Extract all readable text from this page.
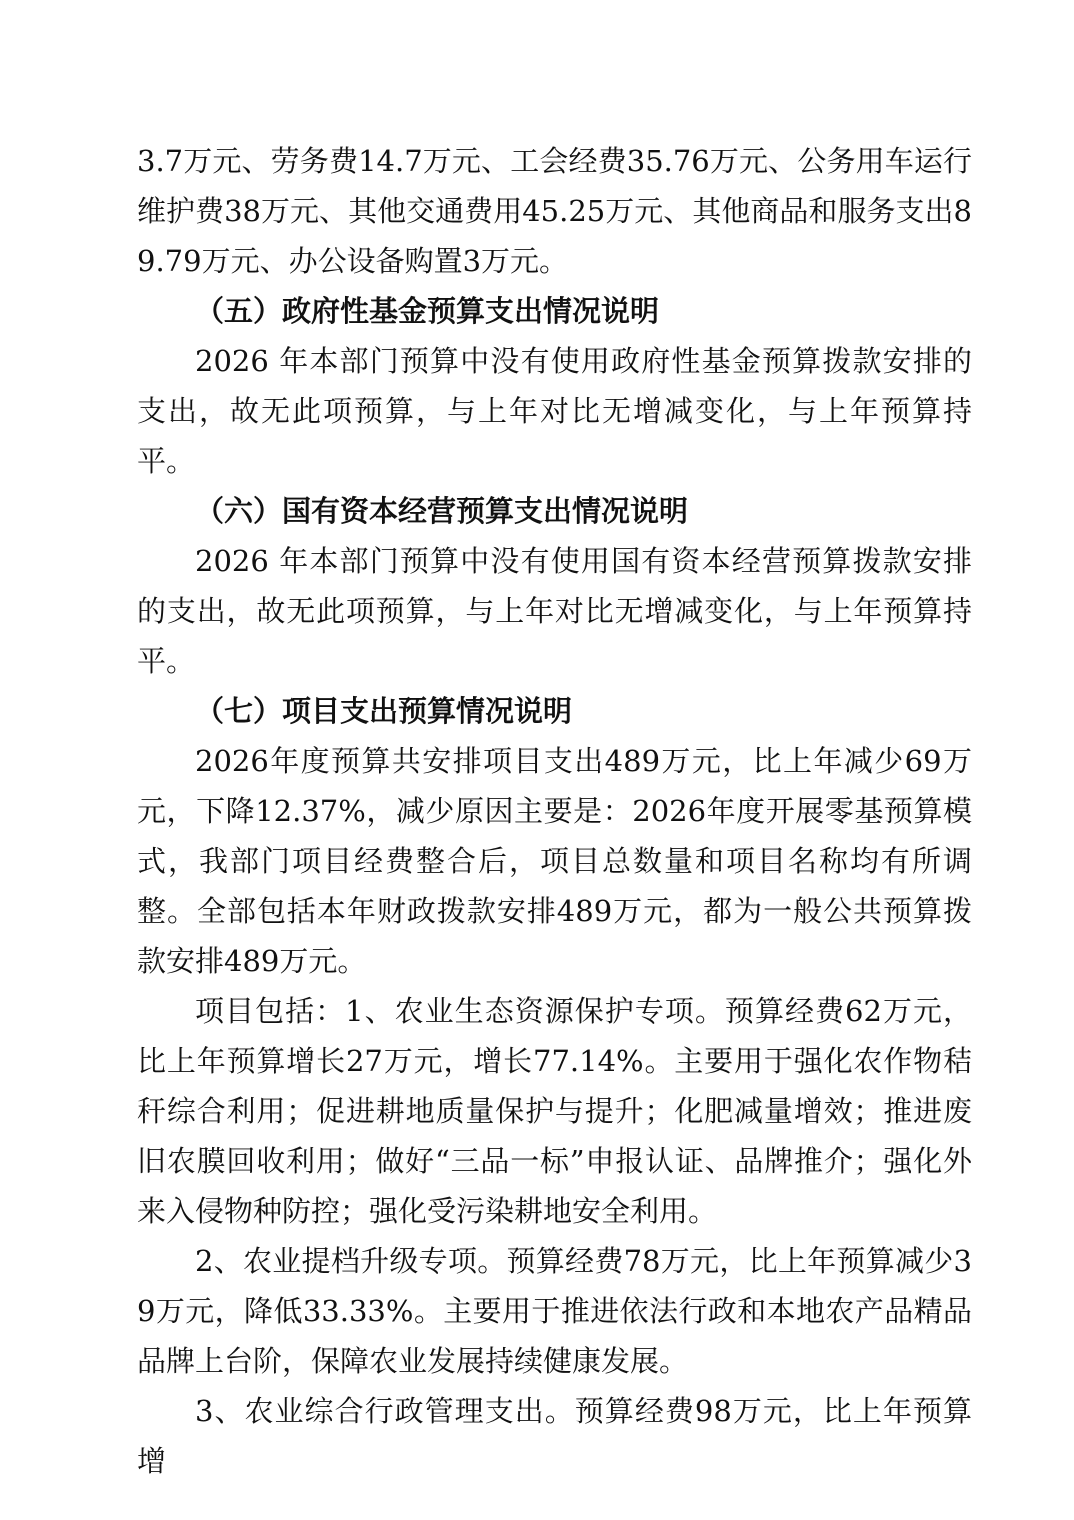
3.7万元、劳务费14.7万元、工会经费35.76万元、公务用车运行维护费38万元、其他交通费用45.25万元、其他商品和服务支出89.79万元、办公设备购置3万元。

（五）政府性基金预算支出情况说明

2026 年本部门预算中没有使用政府性基金预算拨款安排的支出，故无此项预算，与上年对比无增减变化，与上年预算持平。

（六）国有资本经营预算支出情况说明

2026 年本部门预算中没有使用国有资本经营预算拨款安排 的支出，故无此项预算，与上年对比无增减变化，与上年预算持平。

（七）项目支出预算情况说明

2026年度预算共安排项目支出489万元，比上年减少69万元，下降12.37%，减少原因主要是：2026年度开展零基预算模式，我部门项目经费整合后，项目总数量和项目名称均有所调整。全部包括本年财政拨款安排489万元，都为一般公共预算拨款安排489万元。

项目包括：1、农业生态资源保护专项。预算经费62万元，比上年预算增长27万元，增长77.14%。主要用于强化农作物秸秆综合利用；促进耕地质量保护与提升；化肥减量增效；推进废旧农膜回收利用；做好“三品一标”申报认证、品牌推介；强化外来入侵物种防控；强化受污染耕地安全利用。

2、农业提档升级专项。预算经费78万元，比上年预算减少39万元，降低33.33%。主要用于推进依法行政和本地农产品精品品牌上台阶，保障农业发展持续健康发展。

3、农业综合行政管理支出。预算经费98万元，比上年预算增
